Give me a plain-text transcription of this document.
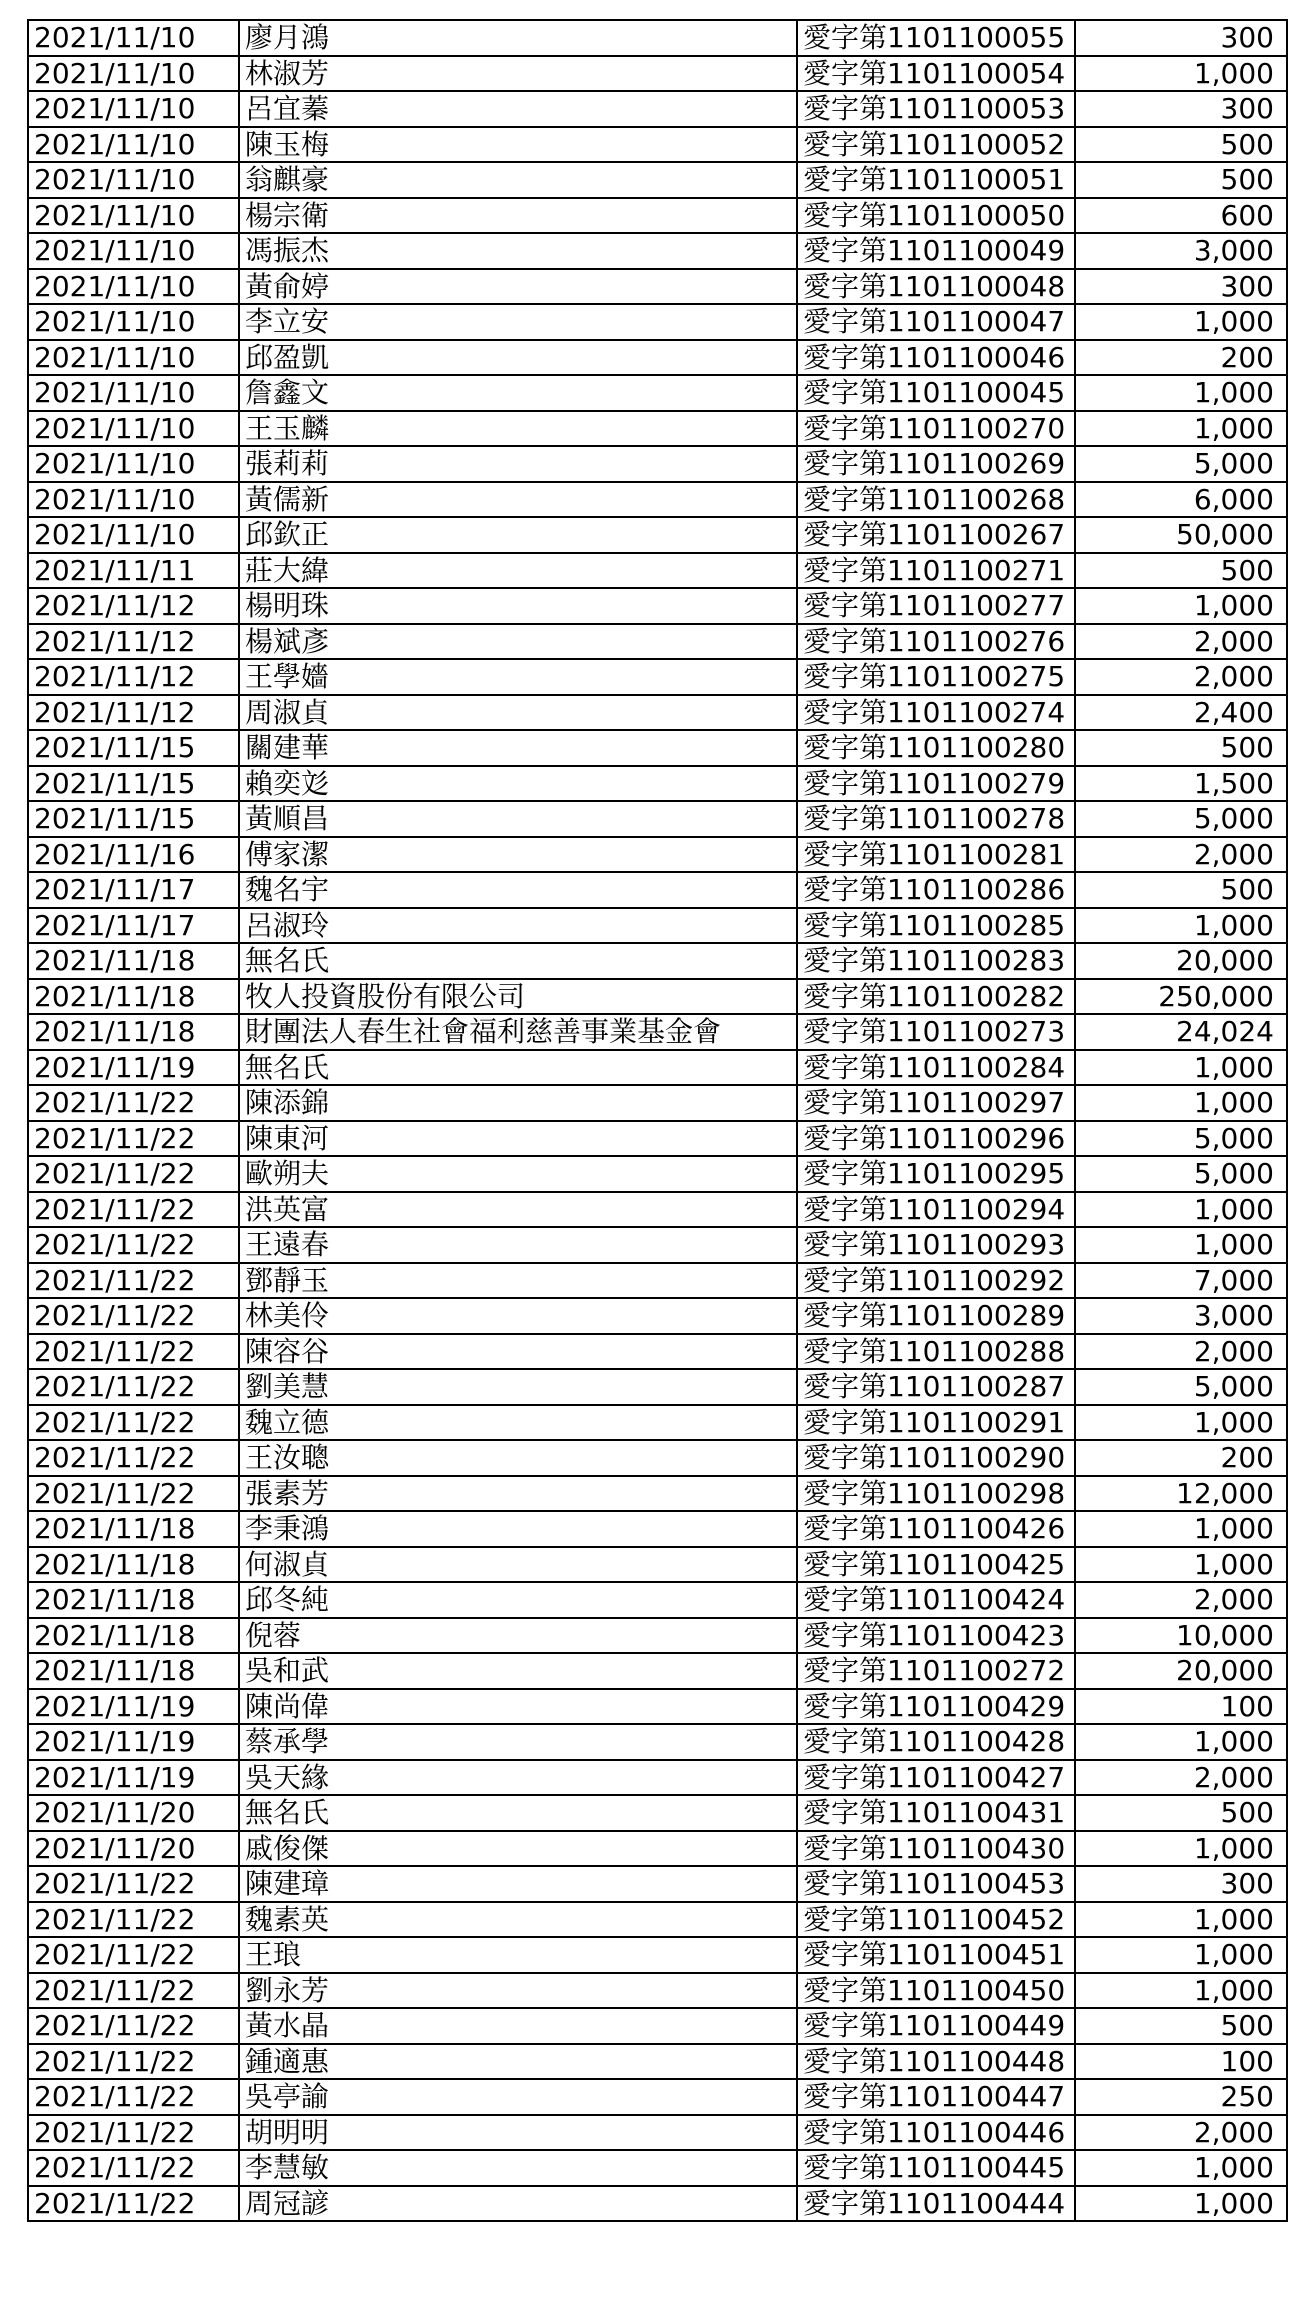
2021/11/10	廖月鴻	愛字第1101100055	300
2021/11/10	林淑芳	愛字第1101100054	1,000
2021/11/10	呂宜蓁	愛字第1101100053	300
2021/11/10	陳玉梅	愛字第1101100052	500
2021/11/10	翁麒豪	愛字第1101100051	500
2021/11/10	楊宗衛	愛字第1101100050	600
2021/11/10	馮振杰	愛字第1101100049	3,000
2021/11/10	黃俞婷	愛字第1101100048	300
2021/11/10	李立安	愛字第1101100047	1,000
2021/11/10	邱盈凱	愛字第1101100046	200
2021/11/10	詹鑫文	愛字第1101100045	1,000
2021/11/10	王玉麟	愛字第1101100270	1,000
2021/11/10	張莉莉	愛字第1101100269	5,000
2021/11/10	黃儒新	愛字第1101100268	6,000
2021/11/10	邱欽正	愛字第1101100267	50,000
2021/11/11	莊大緯	愛字第1101100271	500
2021/11/12	楊明珠	愛字第1101100277	1,000
2021/11/12	楊斌彥	愛字第1101100276	2,000
2021/11/12	王學嬙	愛字第1101100275	2,000
2021/11/12	周淑貞	愛字第1101100274	2,400
2021/11/15	關建華	愛字第1101100280	500
2021/11/15	賴奕彣	愛字第1101100279	1,500
2021/11/15	黃順昌	愛字第1101100278	5,000
2021/11/16	傅家潔	愛字第1101100281	2,000
2021/11/17	魏名宇	愛字第1101100286	500
2021/11/17	呂淑玲	愛字第1101100285	1,000
2021/11/18	無名氏	愛字第1101100283	20,000
2021/11/18	牧人投資股份有限公司	愛字第1101100282	250,000
2021/11/18	財團法人春生社會福利慈善事業基金會	愛字第1101100273	24,024
2021/11/19	無名氏	愛字第1101100284	1,000
2021/11/22	陳添錦	愛字第1101100297	1,000
2021/11/22	陳東河	愛字第1101100296	5,000
2021/11/22	歐朔夫	愛字第1101100295	5,000
2021/11/22	洪英富	愛字第1101100294	1,000
2021/11/22	王遠春	愛字第1101100293	1,000
2021/11/22	鄧靜玉	愛字第1101100292	7,000
2021/11/22	林美伶	愛字第1101100289	3,000
2021/11/22	陳容谷	愛字第1101100288	2,000
2021/11/22	劉美慧	愛字第1101100287	5,000
2021/11/22	魏立德	愛字第1101100291	1,000
2021/11/22	王汝聰	愛字第1101100290	200
2021/11/22	張素芳	愛字第1101100298	12,000
2021/11/18	李秉鴻	愛字第1101100426	1,000
2021/11/18	何淑貞	愛字第1101100425	1,000
2021/11/18	邱冬純	愛字第1101100424	2,000
2021/11/18	倪蓉	愛字第1101100423	10,000
2021/11/18	吳和武	愛字第1101100272	20,000
2021/11/19	陳尚偉	愛字第1101100429	100
2021/11/19	蔡承學	愛字第1101100428	1,000
2021/11/19	吳天緣	愛字第1101100427	2,000
2021/11/20	無名氏	愛字第1101100431	500
2021/11/20	戚俊傑	愛字第1101100430	1,000
2021/11/22	陳建璋	愛字第1101100453	300
2021/11/22	魏素英	愛字第1101100452	1,000
2021/11/22	王琅	愛字第1101100451	1,000
2021/11/22	劉永芳	愛字第1101100450	1,000
2021/11/22	黃水晶	愛字第1101100449	500
2021/11/22	鍾適惠	愛字第1101100448	100
2021/11/22	吳亭諭	愛字第1101100447	250
2021/11/22	胡明明	愛字第1101100446	2,000
2021/11/22	李慧敏	愛字第1101100445	1,000
2021/11/22	周冠諺	愛字第1101100444	1,000
